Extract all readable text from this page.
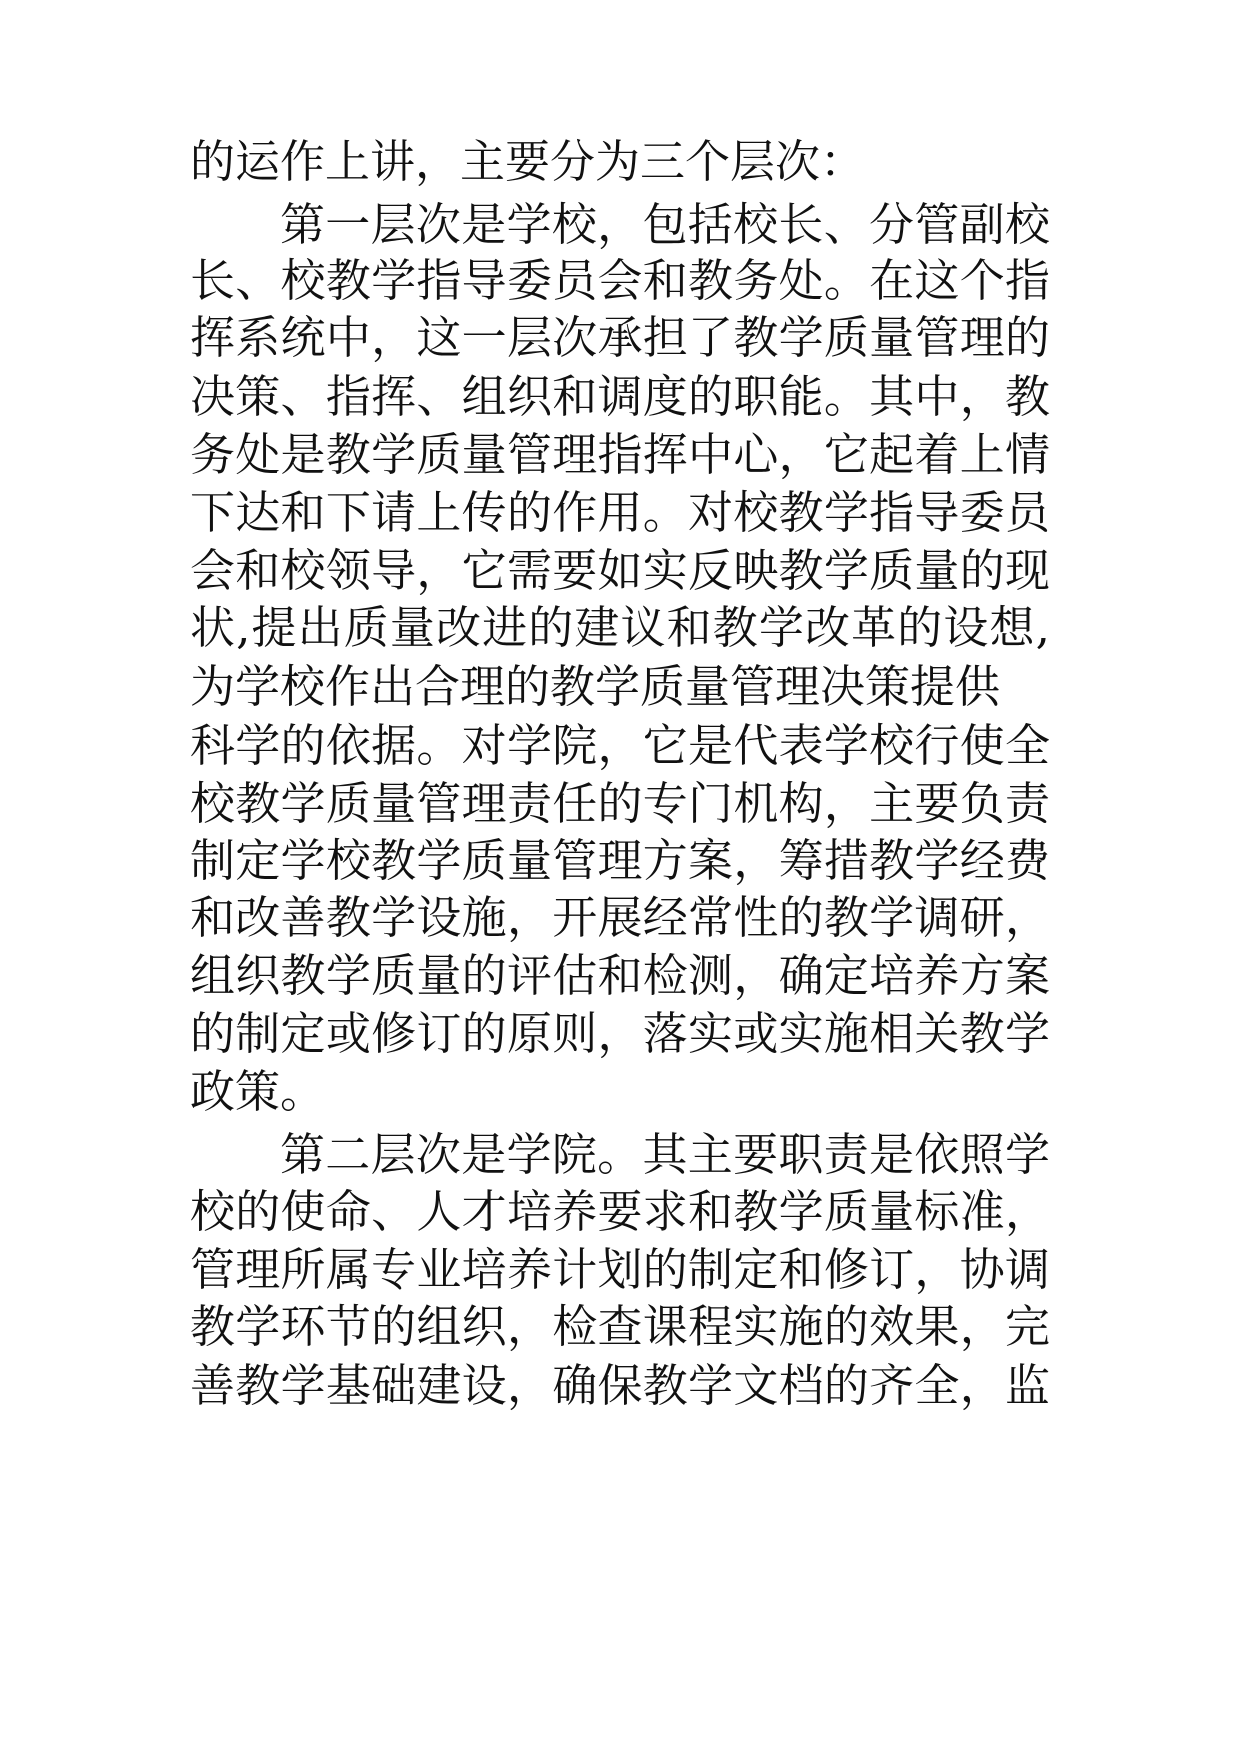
的运作上讲，主要分为三个层次：
第一层次是学校，包括校长、分管副校
长、校教学指导委员会和教务处。在这个指
挥系统中，这一层次承担了教学质量管理的
决策、指挥、组织和调度的职能。其中，教
务处是教学质量管理指挥中心，它起着上情
下达和下请上传的作用。对校教学指导委员
会和校领导，它需要如实反映教学质量的现
状,提出质量改进的建议和教学改革的设想,
为学校作出合理的教学质量管理决策提供
科学的依据。对学院，它是代表学校行使全
校教学质量管理责任的专门机构，主要负责
制定学校教学质量管理方案，筹措教学经费
和改善教学设施，开展经常性的教学调研，
组织教学质量的评估和检测，确定培养方案
的制定或修订的原则，落实或实施相关教学
政策。
第二层次是学院。其主要职责是依照学
校的使命、人才培养要求和教学质量标准，
管理所属专业培养计划的制定和修订，协调
教学环节的组织，检查课程实施的效果，完
善教学基础建设，确保教学文档的齐全，监
